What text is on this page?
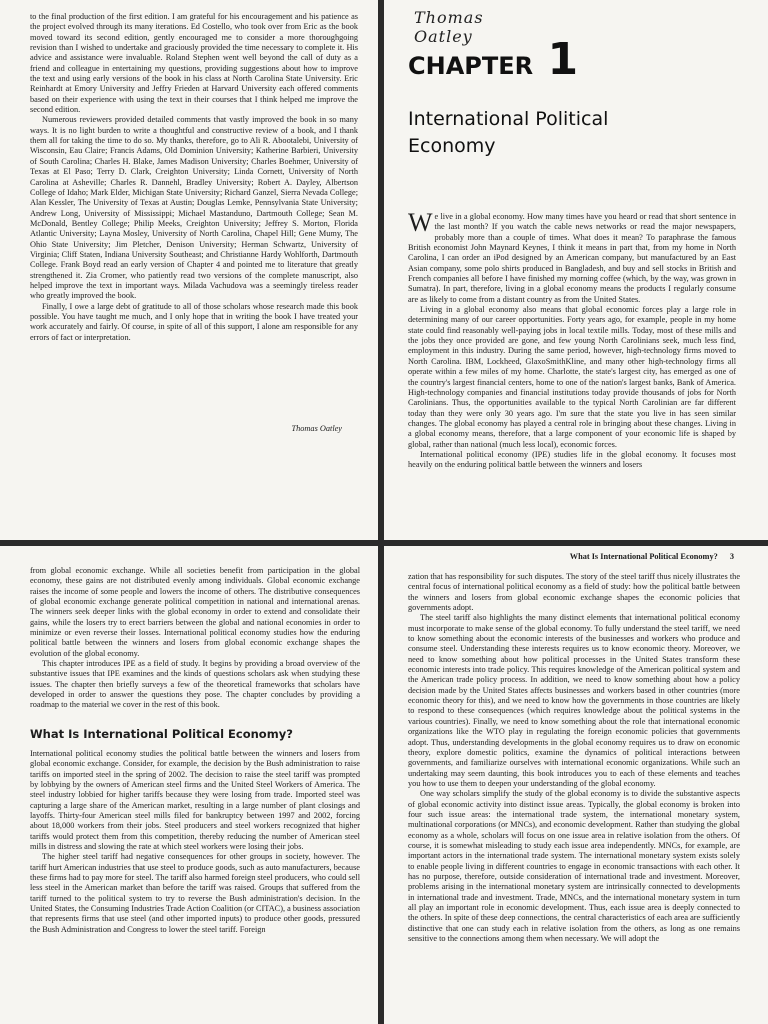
to the final production of the first edition. I am grateful for his encouragement and his patience as the project evolved through its many iterations. Ed Costello, who took over from Eric as the book moved toward its second edition, gently encouraged me to consider a more thoroughgoing revision than I wished to undertake and graciously provided the time necessary to complete it. His advice and assistance were invaluable. Roland Stephen went well beyond the call of duty as a friend and colleague in entertaining my questions, providing suggestions about how to improve the text and using early versions of the book in his class at North Carolina State University. Eric Reinhardt at Emory University and Jeffry Frieden at Harvard University each offered comments based on their experience with using the text in their courses that I think helped me improve the second edition.

Numerous reviewers provided detailed comments that vastly improved the book in so many ways. It is no light burden to write a thoughtful and constructive review of a book, and I thank them all for taking the time to do so. My thanks, therefore, go to Ali R. Abootalebi, University of Wisconsin, Eau Claire; Francis Adams, Old Dominion University; Katherine Barbieri, University of South Carolina; Charles H. Blake, James Madison University; Charles Boehmer, University of Texas at El Paso; Terry D. Clark, Creighton University; Linda Cornett, University of North Carolina at Asheville; Charles R. Dannehl, Bradley University; Robert A. Dayley, Albertson College of Idaho; Mark Elder, Michigan State University; Richard Ganzel, Sierra Nevada College; Alan Kessler, The University of Texas at Austin; Douglas Lemke, Pennsylvania State University; Andrew Long, University of Mississippi; Michael Mastanduno, Dartmouth College; Sean M. McDonald, Bentley College; Philip Meeks, Creighton University; Jeffrey S. Morton, Florida Atlantic University; Layna Mosley, University of North Carolina, Chapel Hill; Gene Mumy, The Ohio State University; Jim Pletcher, Denison University; Herman Schwartz, University of Virginia; Cliff Staten, Indiana University Southeast; and Christianne Hardy Wohlforth, Dartmouth College. Frank Boyd read an early version of Chapter 4 and pointed me to literature that greatly strengthened it. Zia Cromer, who patiently read two versions of the complete manuscript, also helped improve the text in important ways. Milada Vachudova was a seemingly tireless reader who greatly improved the book.

Finally, I owe a large debt of gratitude to all of those scholars whose research made this book possible. You have taught me much, and I only hope that in writing the book I have treated your work accurately and fairly. Of course, in spite of all of this support, I alone am responsible for any errors of fact or interpretation.

Thomas Oatley
Thomas Oatley
CHAPTER 1
International Political
Economy

We live in a global economy. How many times have you heard or read that short sentence in the last month? If you watch the cable news networks or read the major newspapers, probably more than a couple of times. What does it mean? To paraphrase the famous British economist John Maynard Keynes, I think it means in part that, from my home in North Carolina, I can order an iPod designed by an American company, but manufactured by an East Asian company, some polo shirts produced in Bangladesh, and buy and sell stocks in British and French companies all before I have finished my morning coffee (which, by the way, was grown in Sumatra). In part, therefore, living in a global economy means the products I regularly consume are as likely to come from a distant country as from the United States.

Living in a global economy also means that global economic forces play a large role in determining many of our career opportunities. Forty years ago, for example, people in my home state could find reasonably well-paying jobs in local textile mills. Today, most of these mills and the jobs they once provided are gone, and few young North Carolinians seek, much less find, employment in this industry. During the same period, however, high-technology firms moved to North Carolina. IBM, Lockheed, GlaxoSmithKline, and many other high-technology firms all operate within a few miles of my home. Charlotte, the state's largest city, has emerged as one of the country's largest financial centers, home to one of the nation's largest banks, Bank of America. High-technology companies and financial institutions today provide thousands of jobs for North Carolinians. Thus, the opportunities available to the typical North Carolinian are far different today than they were only 30 years ago. I'm sure that the state you live in has seen similar changes. The global economy has played a central role in bringing about these changes. Living in a global economy means, therefore, that a large component of your economic life is shaped by global, rather than national (much less local), economic forces.

International political economy (IPE) studies life in the global economy. It focuses most heavily on the enduring political battle between the winners and losers

from global economic exchange. While all societies benefit from participation in the global economy, these gains are not distributed evenly among individuals. Global economic exchange raises the income of some people and lowers the income of others. The distributive consequences of global economic exchange generate political competition in national and international arenas. The winners seek deeper links with the global economy in order to extend and consolidate their gains, while the losers try to erect barriers between the global and national economies in order to minimize or even reverse their losses. International political economy studies how the enduring political battle between the winners and losers from global economic exchange shapes the evolution of the global economy.

This chapter introduces IPE as a field of study. It begins by providing a broad overview of the substantive issues that IPE examines and the kinds of questions scholars ask when studying these issues. The chapter then briefly surveys a few of the theoretical frameworks that scholars have developed in order to answer the questions they pose. The chapter concludes by providing a roadmap to the material we cover in the rest of this book.

What Is International Political Economy?

International political economy studies the political battle between the winners and losers from global economic exchange. Consider, for example, the decision by the Bush administration to raise tariffs on imported steel in the spring of 2002. The decision to raise the steel tariff was prompted by lobbying by the owners of American steel firms and the United Steel Workers of America. The steel industry lobbied for higher tariffs because they were losing from trade. Imported steel was capturing a large share of the American market, resulting in a large number of plant closings and layoffs. Thirty-four American steel mills filed for bankruptcy between 1997 and 2002, forcing about 18,000 workers from their jobs. Steel producers and steel workers recognized that higher tariffs would protect them from this competition, thereby reducing the number of American steel mills in distress and slowing the rate at which steel workers were losing their jobs.

The higher steel tariff had negative consequences for other groups in society, however. The tariff hurt American industries that use steel to produce goods, such as auto manufacturers, because these firms had to pay more for steel. The tariff also harmed foreign steel producers, who could sell less steel in the American market than before the tariff was raised. Groups that suffered from the tariff turned to the political system to try to reverse the Bush administration's decision. In the United States, the Consuming Industries Trade Action Coalition (or CITAC), a business association that represents firms that use steel (and other imported inputs) to produce other goods, pressured the Bush Administration and Congress to lower the steel tariff. Foreign

What Is International Political Economy? 3

zation that has responsibility for such disputes. The story of the steel tariff thus nicely illustrates the central focus of international political economy as a field of study: how the political battle between the winners and losers from global economic exchange shapes the economic policies that governments adopt.

The steel tariff also highlights the many distinct elements that international political economy must incorporate to make sense of the global economy. To fully understand the steel tariff, we need to know something about the economic interests of the businesses and workers who produce and consume steel. Understanding these interests requires us to know economic theory. Moreover, we need to know something about how political processes in the United States transform these economic interests into trade policy. This requires knowledge of the American political system and the American trade policy process. In addition, we need to know something about how a policy decision made by the United States affects businesses and workers based in other countries (more economic theory for this), and we need to know how the governments in those countries are likely to respond to these consequences (which requires knowledge about the political systems in the various countries). Finally, we need to know something about the role that international economic organizations like the WTO play in regulating the foreign economic policies that governments adopt. Thus, understanding developments in the global economy requires us to draw on economic theory, explore domestic politics, examine the dynamics of political interactions between governments, and familiarize ourselves with international economic organizations. While such an undertaking may seem daunting, this book introduces you to each of these elements and teaches you how to use them to deepen your understanding of the global economy.

One way scholars simplify the study of the global economy is to divide the substantive aspects of global economic activity into distinct issue areas. Typically, the global economy is broken into four such issue areas: the international trade system, the international monetary system, multinational corporations (or MNCs), and economic development. Rather than studying the global economy as a whole, scholars will focus on one issue area in relative isolation from the others. Of course, it is somewhat misleading to study each issue area independently. MNCs, for example, are important actors in the international trade system. The international monetary system exists solely to enable people living in different countries to engage in economic transactions with each other. It has no purpose, therefore, outside consideration of international trade and investment. Moreover, problems arising in the international monetary system are intrinsically connected to developments in international trade and investment. Trade, MNCs, and the international monetary system in turn all play an important role in economic development. Thus, each issue area is deeply connected to the others. In spite of these deep connections, the central characteristics of each area are sufficiently distinctive that one can study each in relative isolation from the others, as long as one remains sensitive to the connections among them when necessary. We will adopt the
